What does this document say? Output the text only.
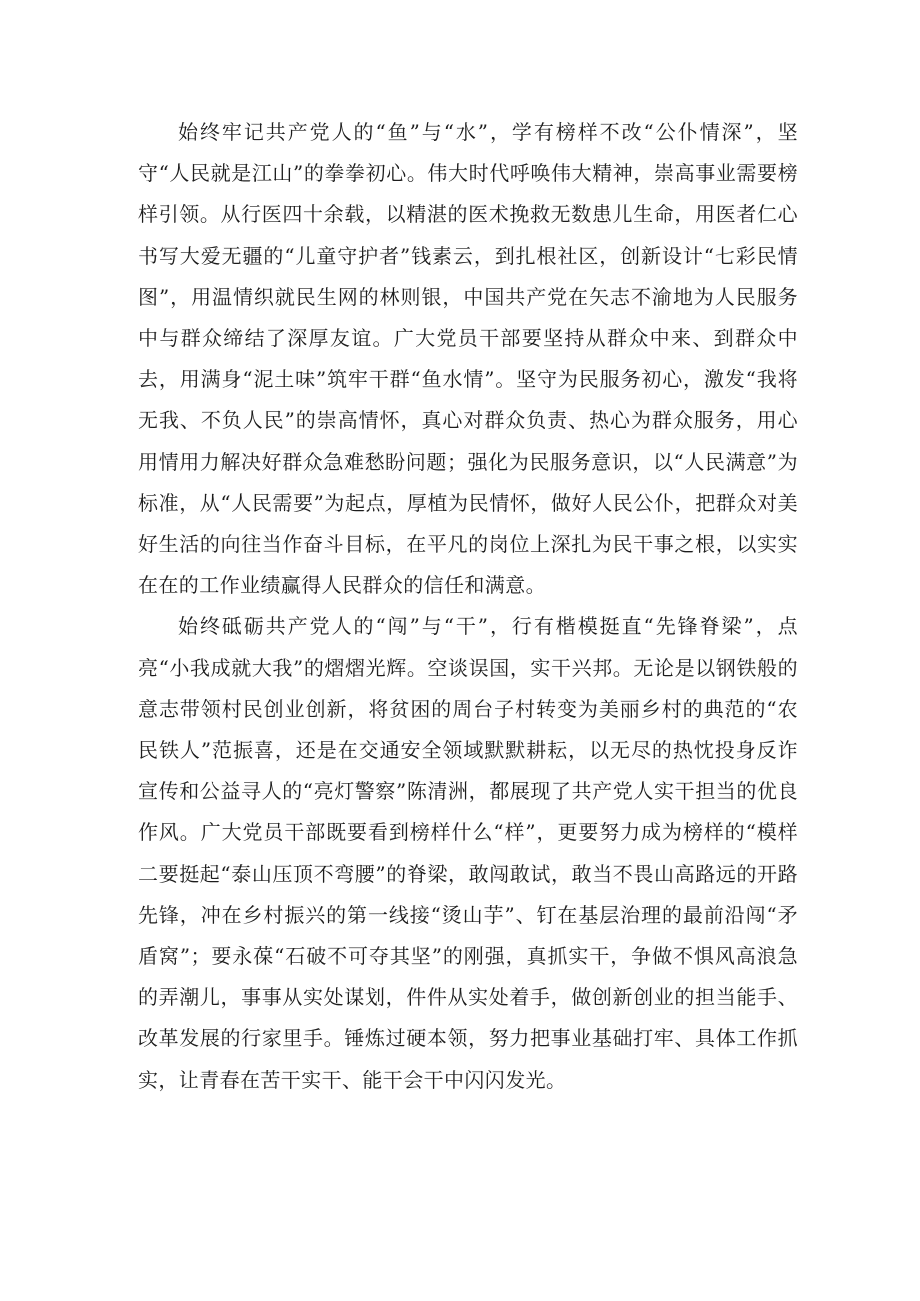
始终牢记共产党人的“鱼”与“水”，学有榜样不改“公仆情深”，坚守“人民就是江山”的拳拳初心。伟大时代呼唤伟大精神，崇高事业需要榜样引领。从行医四十余载，以精湛的医术挽救无数患儿生命，用医者仁心书写大爱无疆的“儿童守护者”钱素云，到扎根社区，创新设计“七彩民情图”，用温情织就民生网的林则银，中国共产党在矢志不渝地为人民服务中与群众缔结了深厚友谊。广大党员干部要坚持从群众中来、到群众中去，用满身“泥土味”筑牢干群“鱼水情”。坚守为民服务初心，激发“我将无我、不负人民”的崇高情怀，真心对群众负责、热心为群众服务，用心用情用力解决好群众急难愁盼问题；强化为民服务意识，以“人民满意”为标准，从“人民需要”为起点，厚植为民情怀，做好人民公仆，把群众对美好生活的向往当作奋斗目标，在平凡的岗位上深扎为民干事之根，以实实在在的工作业绩赢得人民群众的信任和满意。

始终砥砺共产党人的“闯”与“干”，行有楷模挺直“先锋脊梁”，点亮“小我成就大我”的熠熠光辉。空谈误国，实干兴邦。无论是以钢铁般的意志带领村民创业创新，将贫困的周台子村转变为美丽乡村的典范的“农民铁人”范振喜，还是在交通安全领域默默耕耘，以无尽的热忱投身反诈宣传和公益寻人的“亮灯警察”陈清洲，都展现了共产党人实干担当的优良作风。广大党员干部既要看到榜样什么“样”，更要努力成为榜样的“模样二要挺起“泰山压顶不弯腰”的脊梁，敢闯敢试，敢当不畏山高路远的开路先锋，冲在乡村振兴的第一线接“烫山芋”、钉在基层治理的最前沿闯“矛盾窝”；要永葆“石破不可夺其坚”的刚强，真抓实干，争做不惧风高浪急的弄潮儿，事事从实处谋划，件件从实处着手，做创新创业的担当能手、改革发展的行家里手。锤炼过硬本领，努力把事业基础打牢、具体工作抓实，让青春在苦干实干、能干会干中闪闪发光。
